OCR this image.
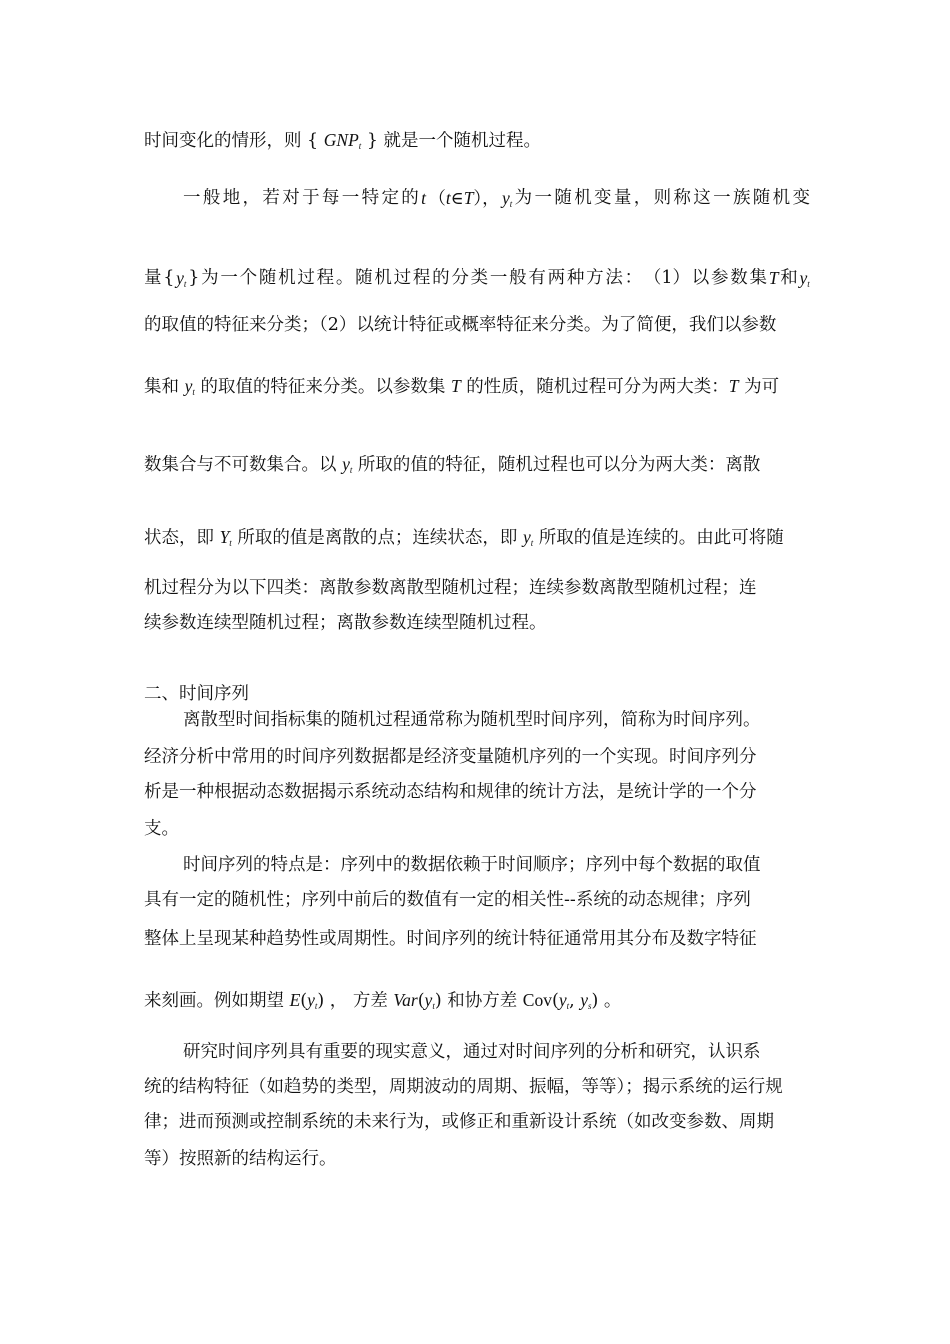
时间变化的情形，则 { $GNP_t$ } 就是一个随机过程。
一 般 地 ， 若 对 于 每 一 特 定 的 t （t∈T）， $y_t$ 为 一 随 机 变 量 ， 则 称 这 一 族 随 机 变
量 { $y_t$ } 为 一 个 随 机 过 程 。 随 机 过 程 的 分 类 一 般 有 两 种 方 法 ： （1） 以 参 数 集 T 和 $y_t$
的取值的特征来分类；（2）以统计特征或概率特征来分类。为了简便，我们以参数
集和 $y_t$ 的取值的特征来分类。以参数集 T 的性质，随机过程可分为两大类：T 为可
数集合与不可数集合。以 $y_t$ 所取的值的特征，随机过程也可以分为两大类：离散
状态，即 $Y_t$ 所取的值是离散的点；连续状态，即 $y_t$ 所取的值是连续的。由此可将随
机过程分为以下四类：离散参数离散型随机过程；连续参数离散型随机过程；连
续参数连续型随机过程；离散参数连续型随机过程。
二、时间序列
离散型时间指标集的随机过程通常称为随机型时间序列，简称为时间序列。
经济分析中常用的时间序列数据都是经济变量随机序列的一个实现。时间序列分
析是一种根据动态数据揭示系统动态结构和规律的统计方法，是统计学的一个分
支。
时间序列的特点是：序列中的数据依赖于时间顺序；序列中每个数据的取值
具有一定的随机性；序列中前后的数值有一定的相关性--系统的动态规律；序列
整体上呈现某种趋势性或周期性。时间序列的统计特征通常用其分布及数字特征
来刻画。例如期望 $E(y_t)$ ， 方差 $Var(y_t)$ 和协方差 $Cov(y_t$, $y_s$) 。
研究时间序列具有重要的现实意义，通过对时间序列的分析和研究，认识系
统的结构特征（如趋势的类型，周期波动的周期、振幅，等等）；揭示系统的运行规
律；进而预测或控制系统的未来行为，或修正和重新设计系统（如改变参数、周期
等）按照新的结构运行。
